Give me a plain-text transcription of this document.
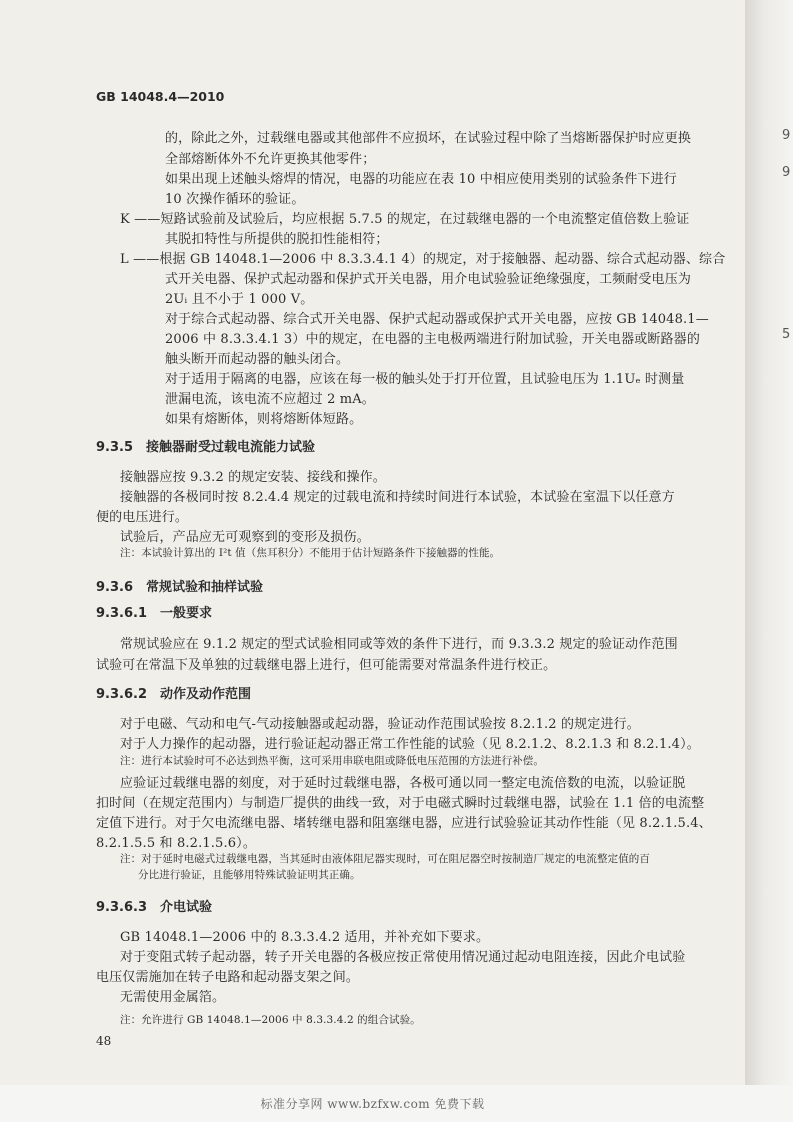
GB 14048.4—2010
的，除此之外，过载继电器或其他部件不应损坏，在试验过程中除了当熔断器保护时应更换
全部熔断体外不允许更换其他零件；
如果出现上述触头熔焊的情况，电器的功能应在表 10 中相应使用类别的试验条件下进行
10 次操作循环的验证。
K ——短路试验前及试验后，均应根据 5.7.5 的规定，在过载继电器的一个电流整定值倍数上验证
其脱扣特性与所提供的脱扣性能相符；
L ——根据 GB 14048.1—2006 中 8.3.3.4.1 4）的规定，对于接触器、起动器、综合式起动器、综合
式开关电器、保护式起动器和保护式开关电器，用介电试验验证绝缘强度，工频耐受电压为
2Uᵢ 且不小于 1 000 V。
对于综合式起动器、综合式开关电器、保护式起动器或保护式开关电器，应按 GB 14048.1—
2006 中 8.3.3.4.1 3）中的规定，在电器的主电极两端进行附加试验，开关电器或断路器的
触头断开而起动器的触头闭合。
对于适用于隔离的电器，应该在每一极的触头处于打开位置，且试验电压为 1.1Uₑ 时测量
泄漏电流，该电流不应超过 2 mA。
如果有熔断体，则将熔断体短路。
接触器应按 9.3.2 的规定安装、接线和操作。
接触器的各极同时按 8.2.4.4 规定的过载电流和持续时间进行本试验，本试验在室温下以任意方
便的电压进行。
试验后，产品应无可观察到的变形及损伤。
常规试验应在 9.1.2 规定的型式试验相同或等效的条件下进行，而 9.3.3.2 规定的验证动作范围
试验可在常温下及单独的过载继电器上进行，但可能需要对常温条件进行校正。
对于电磁、气动和电气-气动接触器或起动器，验证动作范围试验按 8.2.1.2 的规定进行。
对于人力操作的起动器，进行验证起动器正常工作性能的试验（见 8.2.1.2、8.2.1.3 和 8.2.1.4）。
应验证过载继电器的刻度，对于延时过载继电器，各极可通以同一整定电流倍数的电流，以验证脱
扣时间（在规定范围内）与制造厂提供的曲线一致，对于电磁式瞬时过载继电器，试验在 1.1 倍的电流整
定值下进行。对于欠电流继电器、堵转继电器和阻塞继电器，应进行试验验证其动作性能（见 8.2.1.5.4、
8.2.1.5.5 和 8.2.1.5.6）。
GB 14048.1—2006 中的 8.3.3.4.2 适用，并补充如下要求。
对于变阻式转子起动器，转子开关电器的各极应按正常使用情况通过起动电阻连接，因此介电试验
电压仅需施加在转子电路和起动器支架之间。
无需使用金属箔。
注：本试验计算出的 I²t 值（焦耳积分）不能用于估计短路条件下接触器的性能。
注：进行本试验时可不必达到热平衡，这可采用串联电阻或降低电压范围的方法进行补偿。
注：对于延时电磁式过载继电器，当其延时由液体阻尼器实现时，可在阻尼器空时按制造厂规定的电流整定值的百
分比进行验证，且能够用特殊试验证明其正确。
注：允许进行 GB 14048.1—2006 中 8.3.3.4.2 的组合试验。
9.3.5　接触器耐受过载电流能力试验
9.3.6　常规试验和抽样试验
9.3.6.1　一般要求
9.3.6.2　动作及动作范围
9.3.6.3　介电试验
48
9
9
5
标准分享网 www.bzfxw.com 免费下载
